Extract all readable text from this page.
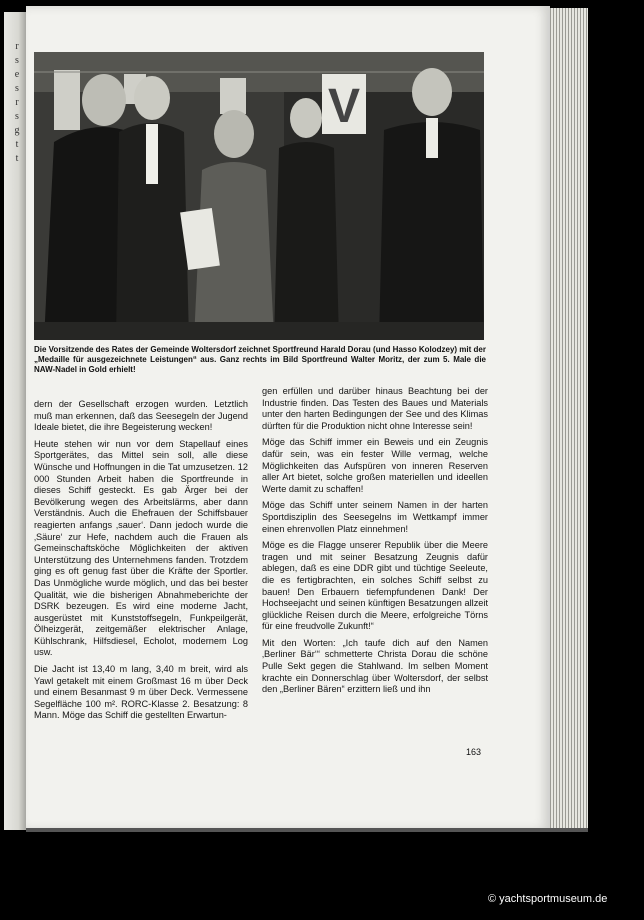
r
s
e
s
r
s
g
t
t
V
Die Vorsitzende des Rates der Gemeinde Woltersdorf zeichnet Sportfreund Harald Dorau (und Hasso Kolodzey) mit der „Medaille für ausgezeichnete Leistungen“ aus. Ganz rechts im Bild Sportfreund Walter Moritz, der zum 5. Male die NAW-Nadel in Gold erhielt!

dern der Gesellschaft erzogen wurden. Letztlich muß man erkennen, daß das Seesegeln der Jugend Ideale bietet, die ihre Begeisterung wecken!

Heute stehen wir nun vor dem Stapellauf eines Sportgerätes, das Mittel sein soll, alle diese Wünsche und Hoffnungen in die Tat umzusetzen. 12 000 Stunden Arbeit haben die Sportfreunde in dieses Schiff gesteckt. Es gab Ärger bei der Bevölkerung wegen des Arbeitslärms, aber dann Verständnis. Auch die Ehefrauen der Schiffsbauer reagierten anfangs ‚sauer‘. Dann jedoch wurde die ‚Säure‘ zur Hefe, nachdem auch die Frauen als Gemeinschaftsköche Möglichkeiten der aktiven Unterstützung des Unternehmens fanden. Trotzdem ging es oft genug fast über die Kräfte der Sportler. Das Unmögliche wurde möglich, und das bei bester Qualität, wie die bisherigen Abnahmeberichte der DSRK bezeugen. Es wird eine moderne Jacht, ausgerüstet mit Kunststoffsegeln, Funkpeilgerät, Ölheizgerät, zeitgemäßer elektrischer Anlage, Kühlschrank, Hilfsdiesel, Echolot, modernem Log usw.

Die Jacht ist 13,40 m lang, 3,40 m breit, wird als Yawl getakelt mit einem Großmast 16 m über Deck und einem Besanmast 9 m über Deck. Vermessene Segelfläche 100 m². RORC-Klasse 2. Besatzung: 8 Mann. Möge das Schiff die gestellten Erwartun-

gen erfüllen und darüber hinaus Beachtung bei der Industrie finden. Das Testen des Baues und Materials unter den harten Bedingungen der See und des Klimas dürften für die Produktion nicht ohne Interesse sein!

Möge das Schiff immer ein Beweis und ein Zeugnis dafür sein, was ein fester Wille vermag, welche Möglichkeiten das Aufspüren von inneren Reserven aller Art bietet, solche großen materiellen und ideellen Werte damit zu schaffen!

Möge das Schiff unter seinem Namen in der harten Sportdisziplin des Seesegelns im Wettkampf immer einen ehrenvollen Platz einnehmen!

Möge es die Flagge unserer Republik über die Meere tragen und mit seiner Besatzung Zeugnis dafür ablegen, daß es eine DDR gibt und tüchtige Seeleute, die es fertigbrachten, ein solches Schiff selbst zu bauen! Den Erbauern tiefempfundenen Dank! Der Hochseejacht und seinen künftigen Besatzungen allzeit glückliche Reisen durch die Meere, erfolgreiche Törns für eine freudvolle Zukunft!“

Mit den Worten: „Ich taufe dich auf den Namen ‚Berliner Bär‘“ schmetterte Christa Dorau die schöne Pulle Sekt gegen die Stahlwand. Im selben Moment krachte ein Donnerschlag über Woltersdorf, der selbst den „Berliner Bären“ erzittern ließ und ihn

163
© yachtsportmuseum.de
